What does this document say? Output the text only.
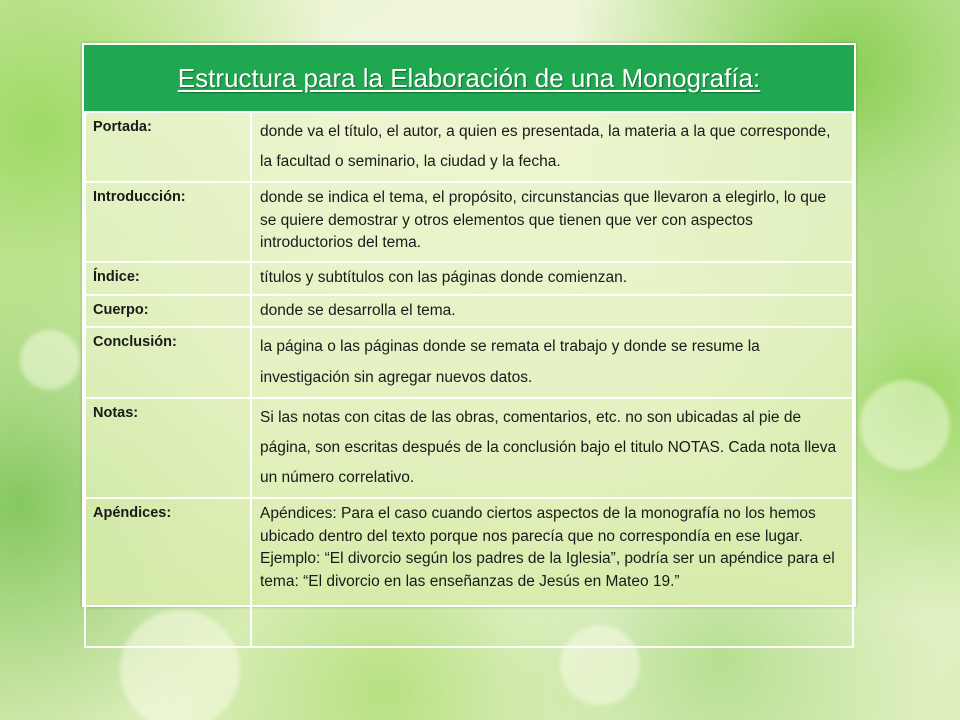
Estructura para la Elaboración de una Monografía:
Portada:	donde va el título, el autor, a quien es presentada, la materia a la que corresponde, la facultad o seminario, la ciudad y la fecha.
Introducción:	donde se indica el tema, el propósito, circunstancias que llevaron a elegirlo, lo que se quiere demostrar y otros elementos que tienen que ver con aspectos introductorios del tema.
Índice:	títulos y subtítulos con las páginas donde comienzan.
Cuerpo:	donde se desarrolla el tema.
Conclusión:	la página o las páginas donde se remata el trabajo y donde se resume la investigación sin agregar nuevos datos.
Notas:	Si las notas con citas de las obras, comentarios, etc. no son ubicadas al pie de página, son escritas después de la conclusión bajo el titulo NOTAS. Cada nota lleva un número correlativo.
Apéndices:	Apéndices: Para el caso cuando ciertos aspectos de la monografía no los hemos ubicado dentro del texto porque nos parecía que no correspondía en ese lugar. Ejemplo: “El divorcio según los padres de la Iglesia”, podría ser un apéndice para el tema: “El divorcio en las enseñanzas de Jesús en Mateo 19.”
